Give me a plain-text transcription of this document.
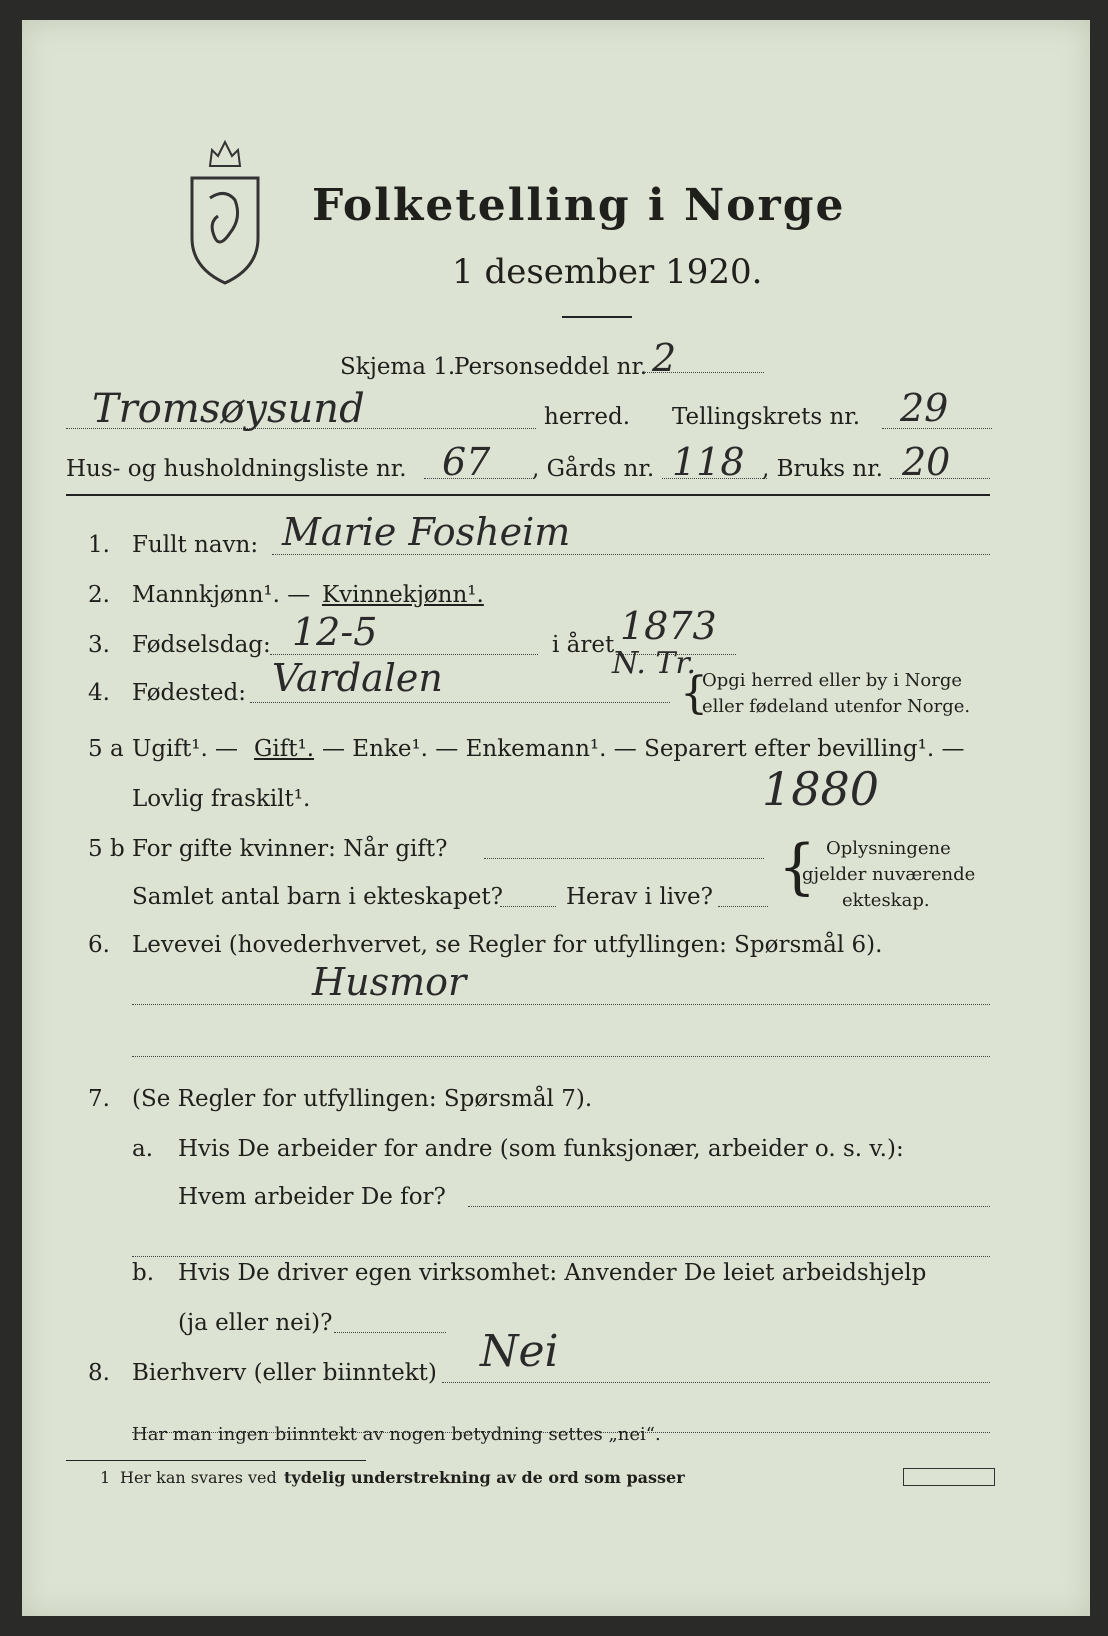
Folketelling i Norge
1 desember 1920.
Skjema 1.
Personseddel nr. 2
Tromsøysund	herred. Tellingskrets nr. 29
Hus- og husholdningsliste nr. 67 , Gårds nr. 118 , Bruks nr. 20
1. Fullt navn: Marie Fosheim
2. Mannkjønn¹. — Kvinnekjønn¹.
3. Fødselsdag: 12-5	i året 1873
4. Fødested: Vardalen	N. Tr.
{
Opgi herred eller by i Norge
eller fødeland utenfor Norge.
5 a Ugift¹. — Gift¹. — Enke¹. — Enkemann¹. — Separert efter bevilling¹. —
Lovlig fraskilt¹.	1880
5 b For gifte kvinner: Når gift?
Samlet antal barn i ekteskapet?	Herav i live? { Oplysningene
gjelder nuværende
ekteskap.
6. Levevei (hovederhvervet, se Regler for utfyllingen: Spørsmål 6).
Husmor
7. (Se Regler for utfyllingen: Spørsmål 7).
a. Hvis De arbeider for andre (som funksjonær, arbeider o. s. v.):
Hvem arbeider De for?
b. Hvis De driver egen virksomhet: Anvender De leiet arbeidshjelp
(ja eller nei)?
8. Bierhverv (eller biinntekt) Nei
Har man ingen biinntekt av nogen betydning settes „nei“.
1 Her kan svares ved tydelig understrekning av de ord som passer
